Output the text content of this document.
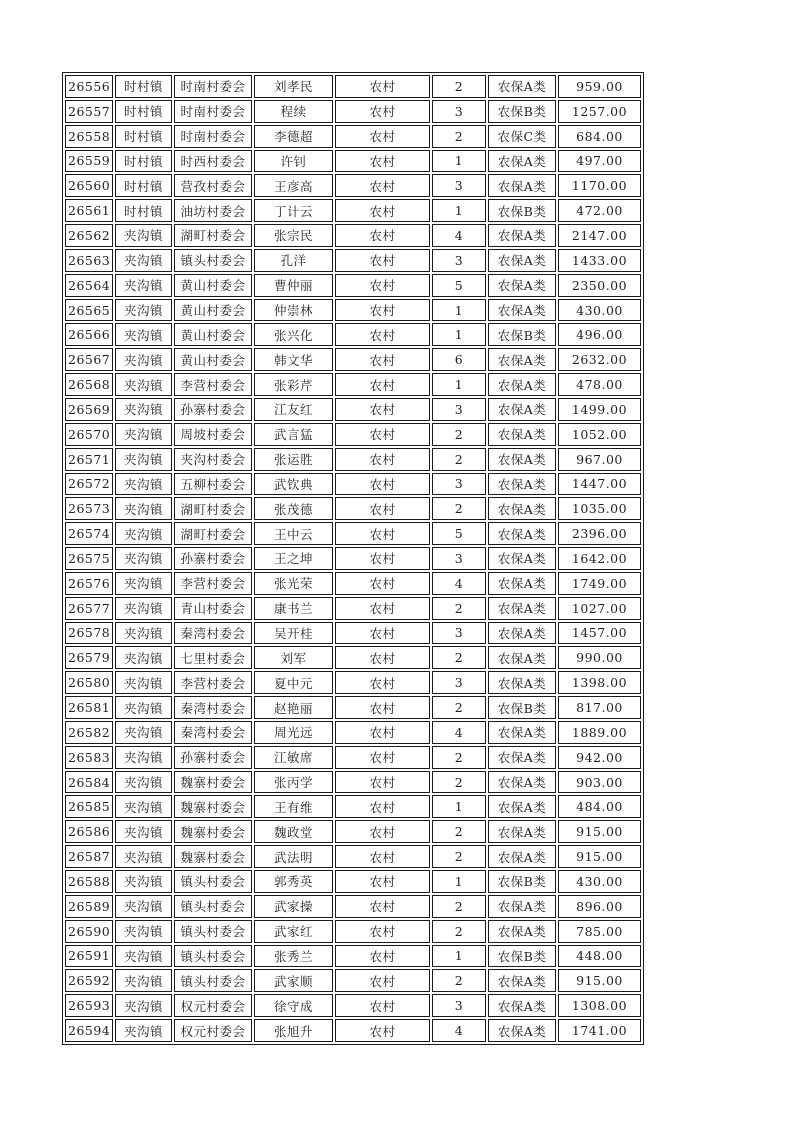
26556	时村镇	时南村委会	刘孝民	农村	2	农保A类	959.00
26557	时村镇	时南村委会	程续	农村	3	农保B类	1257.00
26558	时村镇	时南村委会	李德超	农村	2	农保C类	684.00
26559	时村镇	时西村委会	许钊	农村	1	农保A类	497.00
26560	时村镇	营孜村委会	王彦高	农村	3	农保A类	1170.00
26561	时村镇	油坊村委会	丁计云	农村	1	农保B类	472.00
26562	夹沟镇	湖町村委会	张宗民	农村	4	农保A类	2147.00
26563	夹沟镇	镇头村委会	孔洋	农村	3	农保A类	1433.00
26564	夹沟镇	黄山村委会	曹仲丽	农村	5	农保A类	2350.00
26565	夹沟镇	黄山村委会	仲崇林	农村	1	农保A类	430.00
26566	夹沟镇	黄山村委会	张兴化	农村	1	农保B类	496.00
26567	夹沟镇	黄山村委会	韩文华	农村	6	农保A类	2632.00
26568	夹沟镇	李营村委会	张彩芹	农村	1	农保A类	478.00
26569	夹沟镇	孙寨村委会	江友红	农村	3	农保A类	1499.00
26570	夹沟镇	周坡村委会	武言猛	农村	2	农保A类	1052.00
26571	夹沟镇	夹沟村委会	张运胜	农村	2	农保A类	967.00
26572	夹沟镇	五柳村委会	武钦典	农村	3	农保A类	1447.00
26573	夹沟镇	湖町村委会	张茂德	农村	2	农保A类	1035.00
26574	夹沟镇	湖町村委会	王中云	农村	5	农保A类	2396.00
26575	夹沟镇	孙寨村委会	王之坤	农村	3	农保A类	1642.00
26576	夹沟镇	李营村委会	张光荣	农村	4	农保A类	1749.00
26577	夹沟镇	青山村委会	康书兰	农村	2	农保A类	1027.00
26578	夹沟镇	秦湾村委会	吴开桂	农村	3	农保A类	1457.00
26579	夹沟镇	七里村委会	刘军	农村	2	农保A类	990.00
26580	夹沟镇	李营村委会	夏中元	农村	3	农保A类	1398.00
26581	夹沟镇	秦湾村委会	赵艳丽	农村	2	农保B类	817.00
26582	夹沟镇	秦湾村委会	周光远	农村	4	农保A类	1889.00
26583	夹沟镇	孙寨村委会	江敏席	农村	2	农保A类	942.00
26584	夹沟镇	魏寨村委会	张丙学	农村	2	农保A类	903.00
26585	夹沟镇	魏寨村委会	王有维	农村	1	农保A类	484.00
26586	夹沟镇	魏寨村委会	魏政堂	农村	2	农保A类	915.00
26587	夹沟镇	魏寨村委会	武法明	农村	2	农保A类	915.00
26588	夹沟镇	镇头村委会	郭秀英	农村	1	农保B类	430.00
26589	夹沟镇	镇头村委会	武家操	农村	2	农保A类	896.00
26590	夹沟镇	镇头村委会	武家红	农村	2	农保A类	785.00
26591	夹沟镇	镇头村委会	张秀兰	农村	1	农保B类	448.00
26592	夹沟镇	镇头村委会	武家顺	农村	2	农保A类	915.00
26593	夹沟镇	权元村委会	徐守成	农村	3	农保A类	1308.00
26594	夹沟镇	权元村委会	张旭升	农村	4	农保A类	1741.00
